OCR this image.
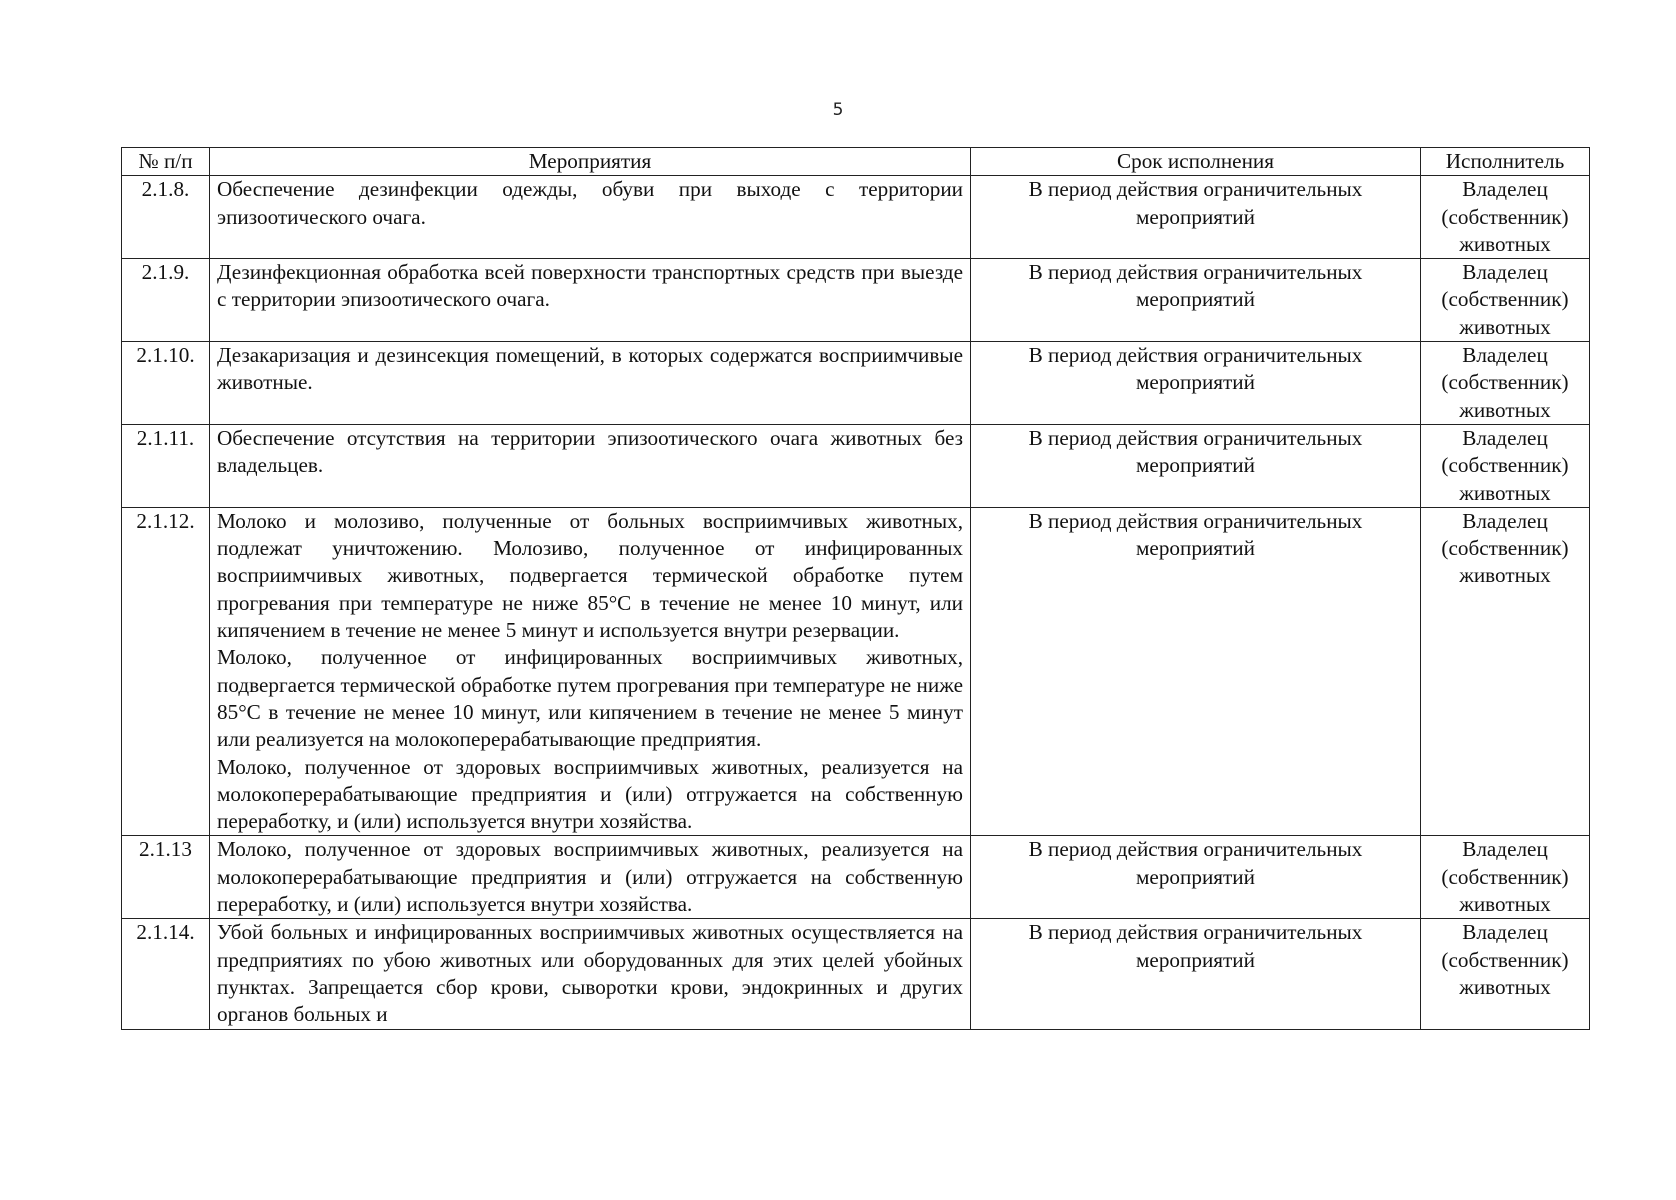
5
№ п/п	Мероприятия	Срок исполнения	Исполнитель
2.1.8.	Обеспечение дезинфекции одежды, обуви при выходе с территории эпизоотического очага.	В период действия ограничительных мероприятий	Владелец (собственник) животных
2.1.9.	Дезинфекционная обработка всей поверхности транспортных средств при выезде с территории эпизоотического очага.	В период действия ограничительных мероприятий	Владелец (собственник) животных
2.1.10.	Дезакаризация и дезинсекция помещений, в которых содержатся восприимчивые животные.	В период действия ограничительных мероприятий	Владелец (собственник) животных
2.1.11.	Обеспечение отсутствия на территории эпизоотического очага животных без владельцев.	В период действия ограничительных мероприятий	Владелец (собственник) животных
2.1.12.	Молоко и молозиво, полученные от больных восприимчивых животных, подлежат уничтожению. Молозиво, полученное от инфицированных восприимчивых животных, подвергается термической обработке путем прогревания при температуре не ниже 85°С в течение не менее 10 минут, или кипячением в течение не менее 5 минут и используется внутри резервации.

Молоко, полученное от инфицированных восприимчивых животных, подвергается термической обработке путем прогревания при температуре не ниже 85°С в течение не менее 10 минут, или кипячением в течение не менее 5 минут или реализуется на молокоперерабатывающие предприятия.

Молоко, полученное от здоровых восприимчивых животных, реализуется на молокоперерабатывающие предприятия и (или) отгружается на собственную переработку, и (или) используется внутри хозяйства.	В период действия ограничительных мероприятий	Владелец (собственник) животных
2.1.13	Молоко, полученное от здоровых восприимчивых животных, реализуется на молокоперерабатывающие предприятия и (или) отгружается на собственную переработку, и (или) используется внутри хозяйства.	В период действия ограничительных мероприятий	Владелец (собственник) животных
2.1.14.	Убой больных и инфицированных восприимчивых животных осуществляется на предприятиях по убою животных или оборудованных для этих целей убойных пунктах. Запрещается сбор крови, сыворотки крови, эндокринных и других органов больных и	В период действия ограничительных мероприятий	Владелец (собственник) животных
